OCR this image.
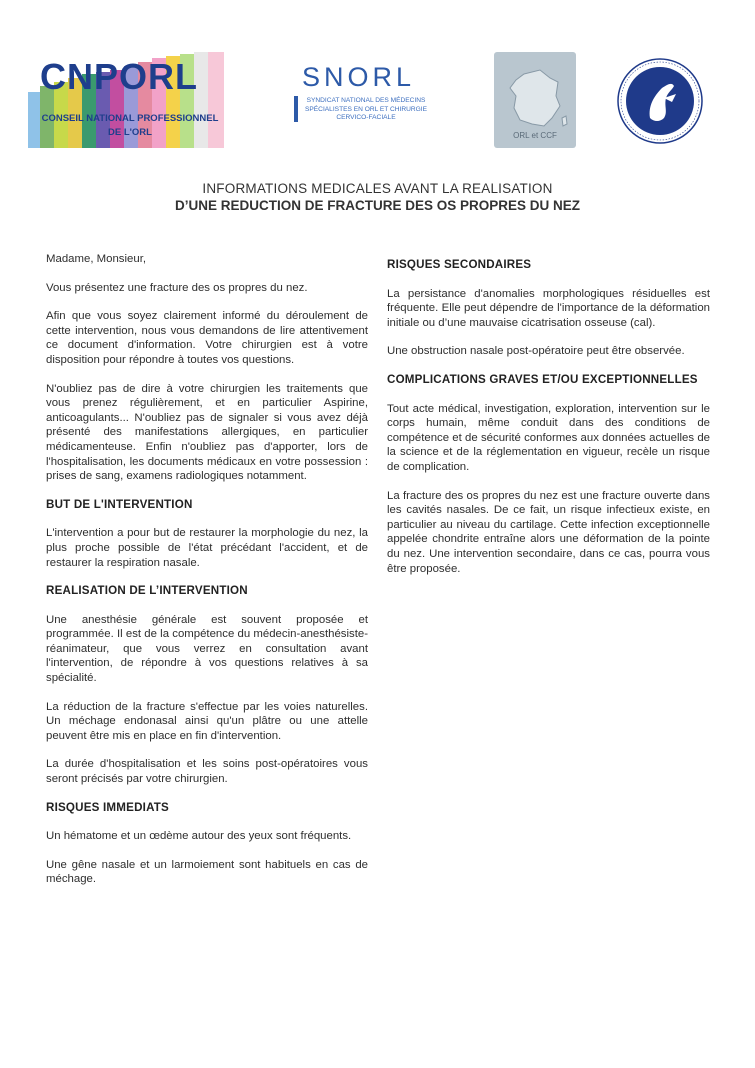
CNPORL
CONSEIL NATIONAL PROFESSIONNEL DE L'ORL
SNORL
SYNDICAT NATIONAL DES MÉDECINS SPÉCIALISTES EN ORL ET CHIRURGIE CERVICO-FACIALE
ORL et CCF
INFORMATIONS MEDICALES AVANT LA REALISATION
D’UNE REDUCTION DE FRACTURE DES OS PROPRES DU NEZ

Madame, Monsieur,

Vous présentez une fracture des os propres du nez.

Afin que vous soyez clairement informé du déroulement de cette intervention, nous vous demandons de lire attentivement ce document d'information. Votre chirurgien est à votre disposition pour répondre à toutes vos questions.

N'oubliez pas de dire à votre chirurgien les traitements que vous prenez régulièrement, et en particulier Aspirine, anticoagulants... N'oubliez pas de signaler si vous avez déjà présenté des manifestations allergiques, en particulier médicamenteuse. Enfin n'oubliez pas d'apporter, lors de l'hospitalisation, les documents médicaux en votre possession : prises de sang, examens radiologiques notamment.

BUT DE L'INTERVENTION

L'intervention a pour but de restaurer la morphologie du nez, la plus proche possible de l'état précédant l'accident, et de restaurer la respiration nasale.

REALISATION DE L’INTERVENTION

Une anesthésie générale est souvent proposée et programmée. Il est de la compétence du médecin-anesthésiste-réanimateur, que vous verrez en consultation avant l'intervention, de répondre à vos questions relatives à sa spécialité.

La réduction de la fracture s'effectue par les voies naturelles. Un méchage endonasal ainsi qu'un plâtre ou une attelle peuvent être mis en place en fin d'intervention.

La durée d'hospitalisation et les soins post-opératoires vous seront précisés par votre chirurgien.

RISQUES IMMEDIATS

Un hématome et un œdème autour des yeux sont fréquents.

Une gêne nasale et un larmoiement sont habituels en cas de méchage.

RISQUES SECONDAIRES

La persistance d'anomalies morphologiques résiduelles est fréquente. Elle peut dépendre de l'importance de la déformation initiale ou d’une mauvaise cicatrisation osseuse (cal).

Une obstruction nasale post-opératoire peut être observée.

COMPLICATIONS GRAVES ET/OU EXCEPTIONNELLES

Tout acte médical, investigation, exploration, intervention sur le corps humain, même conduit dans des conditions de compétence et de sécurité conformes aux données actuelles de la science et de la réglementation en vigueur, recèle un risque de complication.

La fracture des os propres du nez est une fracture ouverte dans les cavités nasales. De ce fait, un risque infectieux existe, en particulier au niveau du cartilage. Cette infection exceptionnelle appelée chondrite entraîne alors une déformation de la pointe du nez. Une intervention secondaire, dans ce cas, pourra vous être proposée.
